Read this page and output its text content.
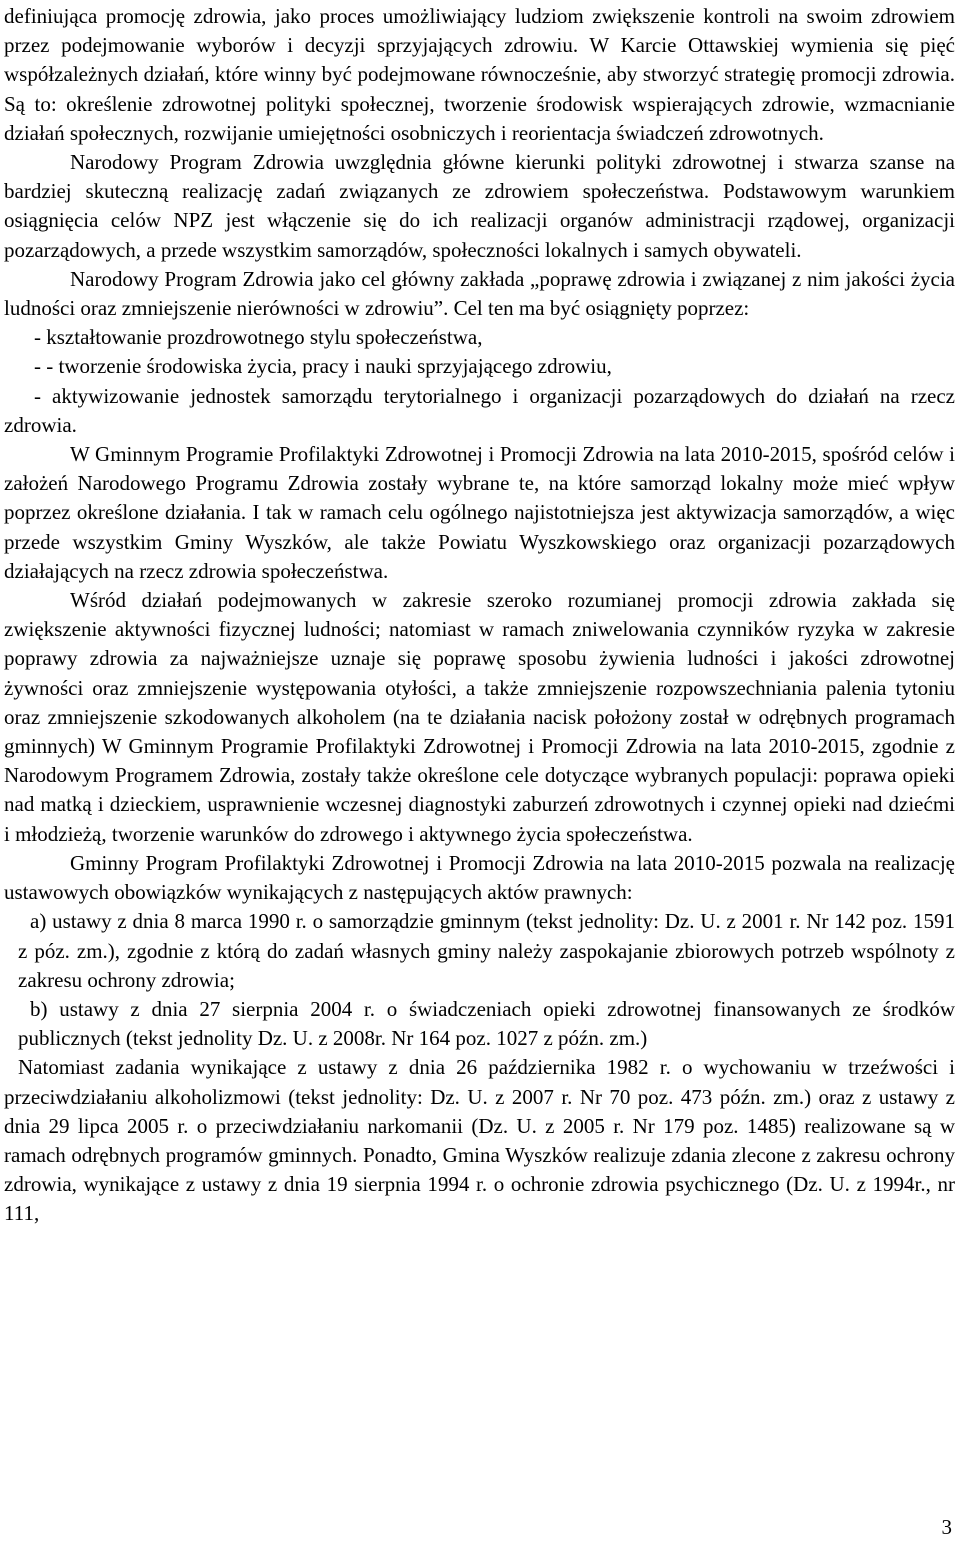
definiująca promocję zdrowia, jako proces umożliwiający ludziom zwiększenie kontroli na swoim zdrowiem przez podejmowanie wyborów i decyzji sprzyjających zdrowiu. W Karcie Ottawskiej wymienia się pięć współzależnych działań, które winny być podejmowane równocześnie, aby stworzyć strategię promocji zdrowia. Są to: określenie zdrowotnej polityki społecznej, tworzenie środowisk wspierających zdrowie, wzmacnianie działań społecznych, rozwijanie umiejętności osobniczych i reorientacja świadczeń zdrowotnych.

Narodowy Program Zdrowia uwzględnia główne kierunki polityki zdrowotnej i stwarza szanse na bardziej skuteczną realizację zadań związanych ze zdrowiem społeczeństwa. Podstawowym warunkiem osiągnięcia celów NPZ jest włączenie się do ich realizacji organów administracji rządowej, organizacji pozarządowych, a przede wszystkim samorządów, społeczności lokalnych i samych obywateli.

Narodowy Program Zdrowia jako cel główny zakłada „poprawę zdrowia i związanej z nim jakości życia ludności oraz zmniejszenie nierówności w zdrowiu”. Cel ten ma być osiągnięty poprzez:

- kształtowanie prozdrowotnego stylu społeczeństwa,

- - tworzenie środowiska życia, pracy i nauki sprzyjającego zdrowiu,

- aktywizowanie jednostek samorządu terytorialnego i organizacji pozarządowych do działań na rzecz zdrowia.

W Gminnym Programie Profilaktyki Zdrowotnej i Promocji Zdrowia na lata 2010-2015, spośród celów i założeń Narodowego Programu Zdrowia zostały wybrane te, na które samorząd lokalny może mieć wpływ poprzez określone działania. I tak w ramach celu ogólnego najistotniejsza jest aktywizacja samorządów, a więc przede wszystkim Gminy Wyszków, ale także Powiatu Wyszkowskiego oraz organizacji pozarządowych działających na rzecz zdrowia społeczeństwa.

Wśród działań podejmowanych w zakresie szeroko rozumianej promocji zdrowia zakłada się zwiększenie aktywności fizycznej ludności; natomiast w ramach zniwelowania czynników ryzyka w zakresie poprawy zdrowia za najważniejsze uznaje się poprawę sposobu żywienia ludności i jakości zdrowotnej żywności oraz zmniejszenie występowania otyłości, a także zmniejszenie rozpowszechniania palenia tytoniu oraz zmniejszenie szkodowanych alkoholem (na te działania nacisk położony został w odrębnych programach gminnych) W Gminnym Programie Profilaktyki Zdrowotnej i Promocji Zdrowia na lata 2010-2015, zgodnie z Narodowym Programem Zdrowia, zostały także określone cele dotyczące wybranych populacji: poprawa opieki nad matką i dzieckiem, usprawnienie wczesnej diagnostyki zaburzeń zdrowotnych i czynnej opieki nad dziećmi i młodzieżą, tworzenie warunków do zdrowego i aktywnego życia społeczeństwa.

Gminny Program Profilaktyki Zdrowotnej i Promocji Zdrowia na lata 2010-2015 pozwala na realizację ustawowych obowiązków wynikających z następujących aktów prawnych:

a) ustawy z dnia 8 marca 1990 r. o samorządzie gminnym (tekst jednolity: Dz. U. z 2001 r. Nr 142 poz. 1591 z póz. zm.), zgodnie z którą do zadań własnych gminy należy zaspokajanie zbiorowych potrzeb wspólnoty z zakresu ochrony zdrowia;

b) ustawy z dnia 27 sierpnia 2004 r. o świadczeniach opieki zdrowotnej finansowanych ze środków publicznych (tekst jednolity Dz. U. z 2008r. Nr 164 poz. 1027 z późn. zm.)

Natomiast zadania wynikające z ustawy z dnia 26 października 1982 r. o wychowaniu w trzeźwości i przeciwdziałaniu alkoholizmowi (tekst jednolity: Dz. U. z 2007 r. Nr 70 poz. 473 późn. zm.) oraz z ustawy z dnia 29 lipca 2005 r. o przeciwdziałaniu narkomanii (Dz. U. z 2005 r. Nr 179 poz. 1485) realizowane są w ramach odrębnych programów gminnych. Ponadto, Gmina Wyszków realizuje zdania zlecone z zakresu ochrony zdrowia, wynikające z ustawy z dnia 19 sierpnia 1994 r. o ochronie zdrowia psychicznego (Dz. U. z 1994r., nr 111,

3
